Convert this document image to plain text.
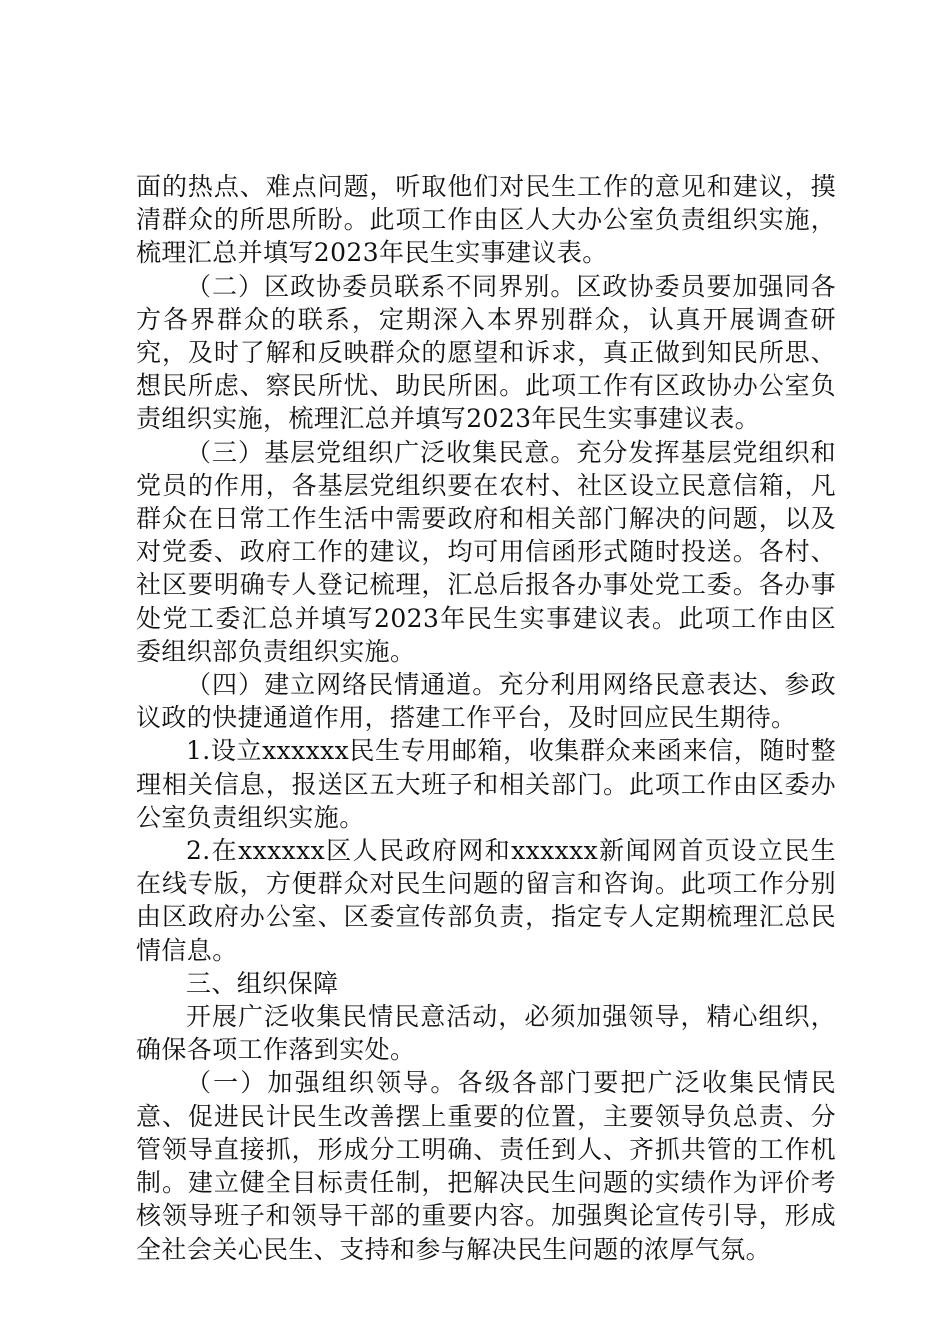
面的热点、难点问题，听取他们对民生工作的意见和建议，摸清群众的所思所盼。此项工作由区人大办公室负责组织实施，梳理汇总并填写2023年民生实事建议表。

（二）区政协委员联系不同界别。区政协委员要加强同各方各界群众的联系，定期深入本界别群众，认真开展调查研究，及时了解和反映群众的愿望和诉求，真正做到知民所思、想民所虑、察民所忧、助民所困。此项工作有区政协办公室负责组织实施，梳理汇总并填写2023年民生实事建议表。

（三）基层党组织广泛收集民意。充分发挥基层党组织和党员的作用，各基层党组织要在农村、社区设立民意信箱，凡群众在日常工作生活中需要政府和相关部门解决的问题，以及对党委、政府工作的建议，均可用信函形式随时投送。各村、社区要明确专人登记梳理，汇总后报各办事处党工委。各办事处党工委汇总并填写2023年民生实事建议表。此项工作由区委组织部负责组织实施。

（四）建立网络民情通道。充分利用网络民意表达、参政议政的快捷通道作用，搭建工作平台，及时回应民生期待。

1.设立xxxxxx民生专用邮箱，收集群众来函来信，随时整理相关信息，报送区五大班子和相关部门。此项工作由区委办公室负责组织实施。

2.在xxxxxx区人民政府网和xxxxxx新闻网首页设立民生在线专版，方便群众对民生问题的留言和咨询。此项工作分别由区政府办公室、区委宣传部负责，指定专人定期梳理汇总民情信息。

三、组织保障

开展广泛收集民情民意活动，必须加强领导，精心组织，确保各项工作落到实处。

（一）加强组织领导。各级各部门要把广泛收集民情民意、促进民计民生改善摆上重要的位置，主要领导负总责、分管领导直接抓，形成分工明确、责任到人、齐抓共管的工作机制。建立健全目标责任制，把解决民生问题的实绩作为评价考核领导班子和领导干部的重要内容。加强舆论宣传引导，形成全社会关心民生、支持和参与解决民生问题的浓厚气氛。
